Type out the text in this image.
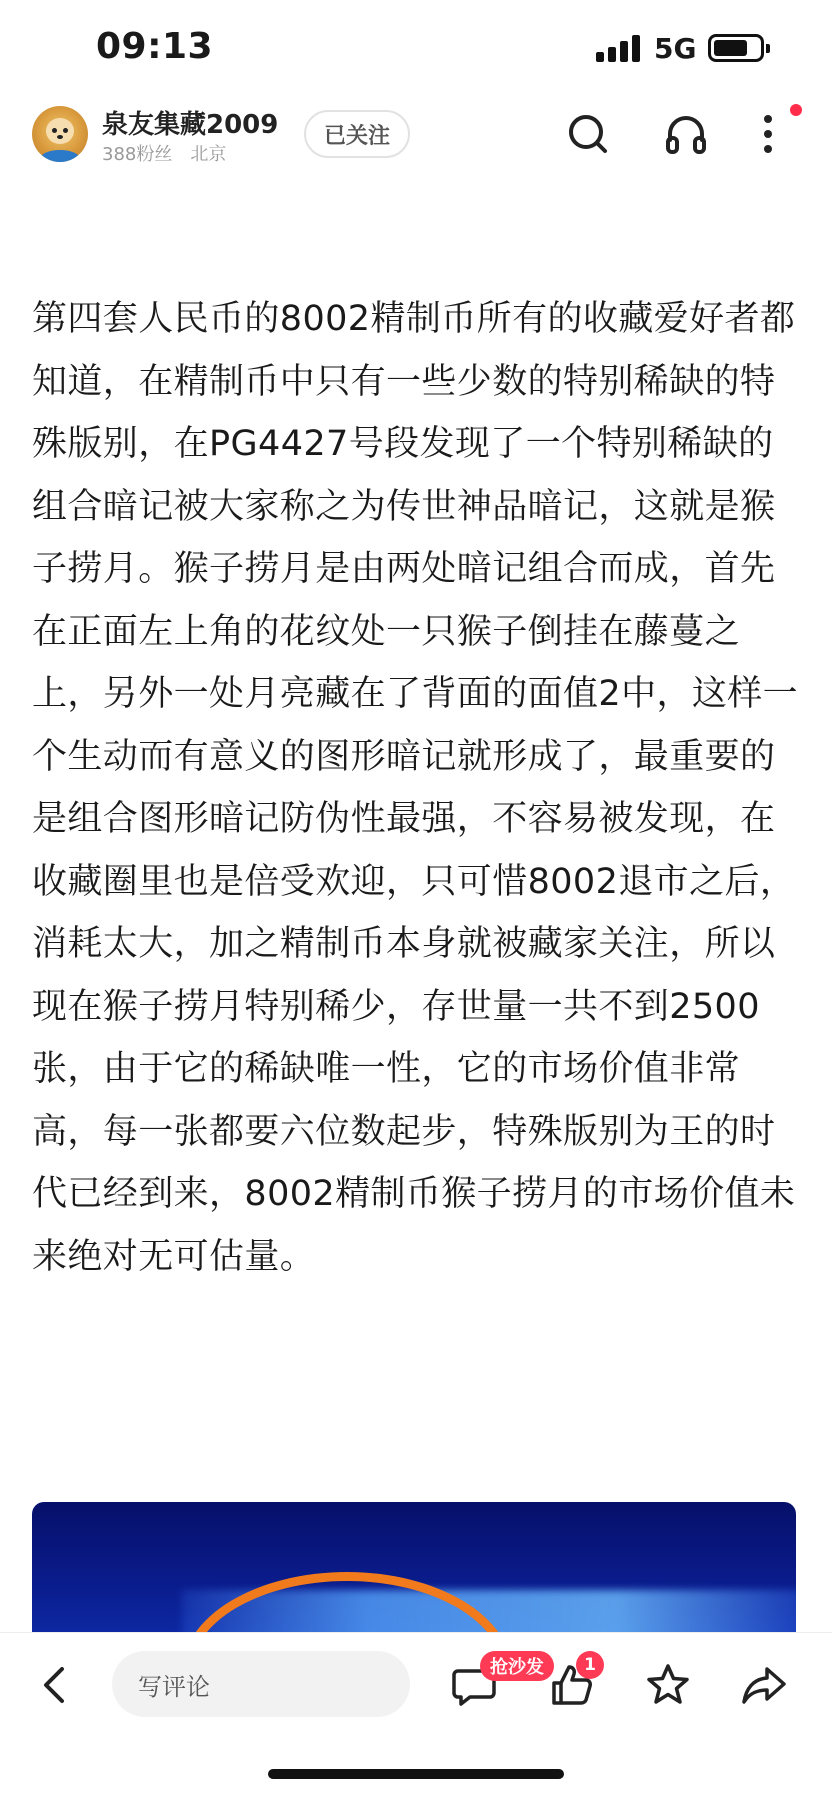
09:13	5G
泉友集藏2009
388粉丝 北京
已关注
第四套人民币的8002精制币所有的收藏爱好者都知道，在精制币中只有一些少数的特别稀缺的特殊版别，在PG4427号段发现了一个特别稀缺的组合暗记被大家称之为传世神品暗记，这就是猴子捞月。猴子捞月是由两处暗记组合而成，首先在正面左上角的花纹处一只猴子倒挂在藤蔓之上，另外一处月亮藏在了背面的面值2中，这样一个生动而有意义的图形暗记就形成了，最重要的是组合图形暗记防伪性最强，不容易被发现，在收藏圈里也是倍受欢迎，只可惜8002退市之后，消耗太大，加之精制币本身就被藏家关注，所以现在猴子捞月特别稀少，存世量一共不到2500张，由于它的稀缺唯一性，它的市场价值非常高，每一张都要六位数起步，特殊版别为王的时代已经到来，8002精制币猴子捞月的市场价值未来绝对无可估量。
写评论
抢沙发	1
